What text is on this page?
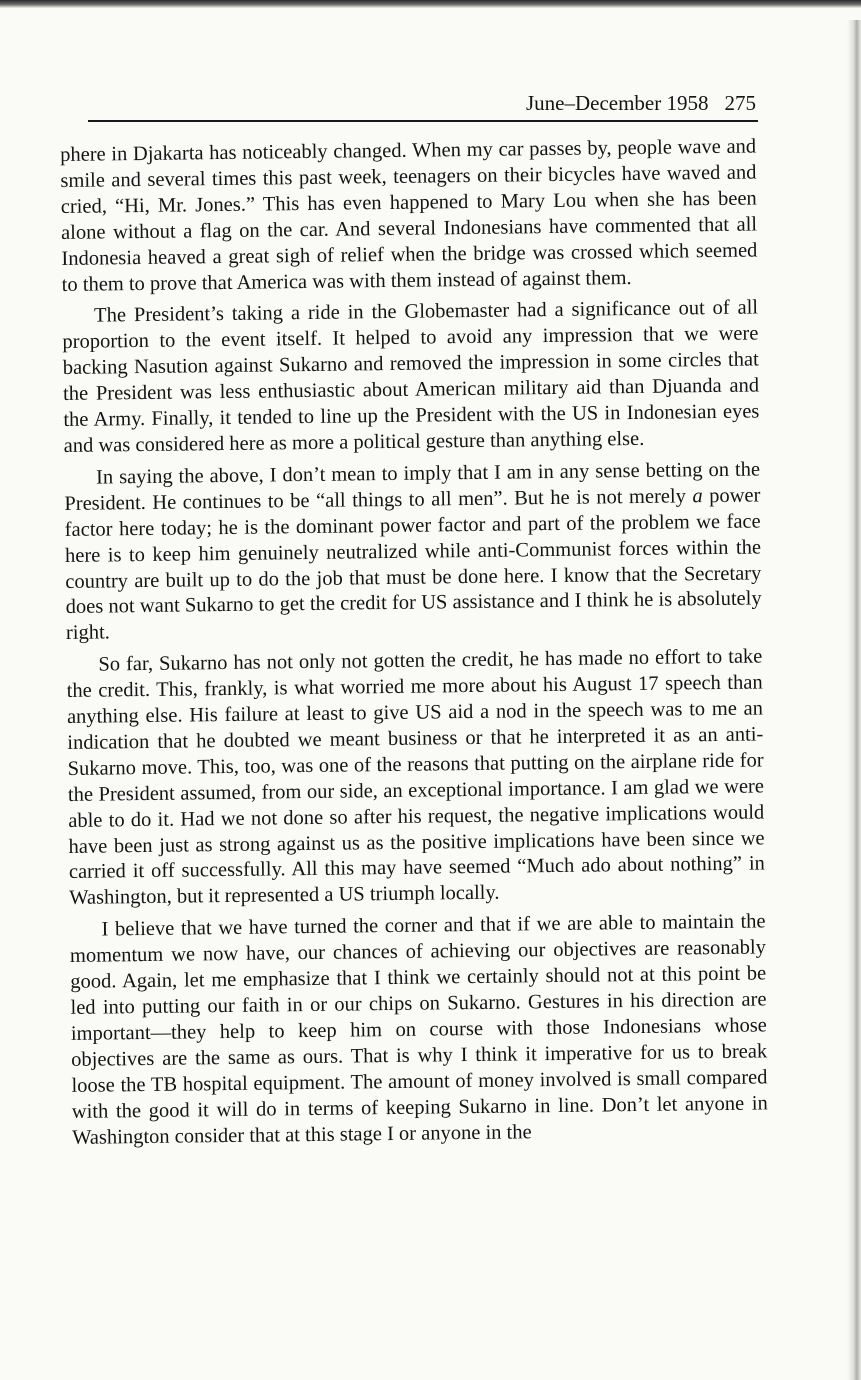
June–December 1958 275

phere in Djakarta has noticeably changed. When my car passes by, people wave and smile and several times this past week, teenagers on their bicycles have waved and cried, “Hi, Mr. Jones.” This has even happened to Mary Lou when she has been alone without a flag on the car. And several Indonesians have commented that all Indonesia heaved a great sigh of relief when the bridge was crossed which seemed to them to prove that America was with them instead of against them.

The President’s taking a ride in the Globemaster had a significance out of all proportion to the event itself. It helped to avoid any impression that we were backing Nasution against Sukarno and removed the impression in some circles that the President was less enthusiastic about American military aid than Djuanda and the Army. Finally, it tended to line up the President with the US in Indonesian eyes and was considered here as more a political gesture than anything else.

In saying the above, I don’t mean to imply that I am in any sense betting on the President. He continues to be “all things to all men”. But he is not merely a power factor here today; he is the dominant power factor and part of the problem we face here is to keep him genuinely neutralized while anti-Communist forces within the country are built up to do the job that must be done here. I know that the Secretary does not want Sukarno to get the credit for US assistance and I think he is absolutely right.

So far, Sukarno has not only not gotten the credit, he has made no effort to take the credit. This, frankly, is what worried me more about his August 17 speech than anything else. His failure at least to give US aid a nod in the speech was to me an indication that he doubted we meant business or that he interpreted it as an anti-Sukarno move. This, too, was one of the reasons that putting on the airplane ride for the President assumed, from our side, an exceptional importance. I am glad we were able to do it. Had we not done so after his request, the negative implications would have been just as strong against us as the positive implications have been since we carried it off successfully. All this may have seemed “Much ado about nothing” in Washington, but it represented a US triumph locally.

I believe that we have turned the corner and that if we are able to maintain the momentum we now have, our chances of achieving our objectives are reasonably good. Again, let me emphasize that I think we certainly should not at this point be led into putting our faith in or our chips on Sukarno. Gestures in his direction are important—they help to keep him on course with those Indonesians whose objectives are the same as ours. That is why I think it imperative for us to break loose the TB hospital equipment. The amount of money involved is small compared with the good it will do in terms of keeping Sukarno in line. Don’t let anyone in Washington consider that at this stage I or anyone in the
